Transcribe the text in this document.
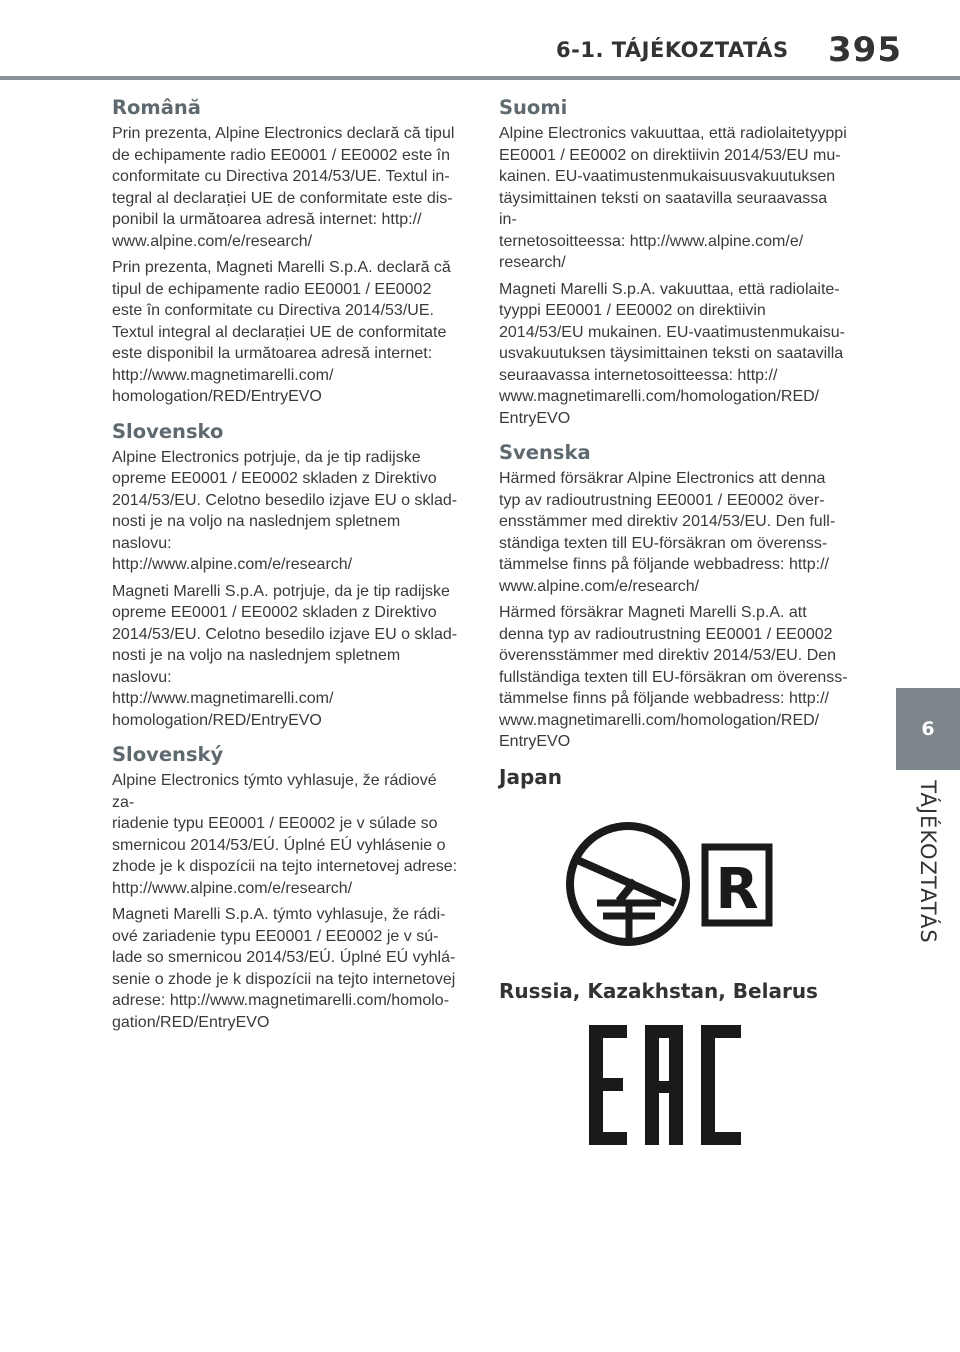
6-1. TÁJÉKOZTATÁS 395
Română

Prin prezenta, Alpine Electronics declară că tipul
de echipamente radio EE0001 / EE0002 este în
conformitate cu Directiva 2014/53/UE. Textul in-
tegral al declarației UE de conformitate este dis-
ponibil la următoarea adresă internet: http://
www.alpine.com/e/research/

Prin prezenta, Magneti Marelli S.p.A. declară că
tipul de echipamente radio EE0001 / EE0002
este în conformitate cu Directiva 2014/53/UE.
Textul integral al declarației UE de conformitate
este disponibil la următoarea adresă internet:
http://www.magnetimarelli.com/
homologation/RED/EntryEVO

Slovensko

Alpine Electronics potrjuje, da je tip radijske
opreme EE0001 / EE0002 skladen z Direktivo
2014/53/EU. Celotno besedilo izjave EU o sklad-
nosti je na voljo na naslednjem spletnem naslovu:
http://www.alpine.com/e/research/

Magneti Marelli S.p.A. potrjuje, da je tip radijske
opreme EE0001 / EE0002 skladen z Direktivo
2014/53/EU. Celotno besedilo izjave EU o sklad-
nosti je na voljo na naslednjem spletnem naslovu:
http://www.magnetimarelli.com/
homologation/RED/EntryEVO

Slovenský

Alpine Electronics týmto vyhlasuje, že rádiové za-
riadenie typu EE0001 / EE0002 je v súlade so
smernicou 2014/53/EÚ. Úplné EÚ vyhlásenie o
zhode je k dispozícii na tejto internetovej adrese:
http://www.alpine.com/e/research/

Magneti Marelli S.p.A. týmto vyhlasuje, že rádi-
ové zariadenie typu EE0001 / EE0002 je v sú-
lade so smernicou 2014/53/EÚ. Úplné EÚ vyhlá-
senie o zhode je k dispozícii na tejto internetovej
adrese: http://www.magnetimarelli.com/homolo-
gation/RED/EntryEVO

Suomi

Alpine Electronics vakuuttaa, että radiolaitetyyppi
EE0001 / EE0002 on direktiivin 2014/53/EU mu-
kainen. EU-vaatimustenmukaisuusvakuutuksen
täysimittainen teksti on saatavilla seuraavassa in-
ternetosoitteessa: http://www.alpine.com/e/
research/

Magneti Marelli S.p.A. vakuuttaa, että radiolaite-
tyyppi EE0001 / EE0002 on direktiivin
2014/53/EU mukainen. EU-vaatimustenmukaisu-
usvakuutuksen täysimittainen teksti on saatavilla
seuraavassa internetosoitteessa: http://
www.magnetimarelli.com/homologation/RED/
EntryEVO

Svenska

Härmed försäkrar Alpine Electronics att denna
typ av radioutrustning EE0001 / EE0002 över-
ensstämmer med direktiv 2014/53/EU. Den full-
ständiga texten till EU-försäkran om överenss-
tämmelse finns på följande webbadress: http://
www.alpine.com/e/research/

Härmed försäkrar Magneti Marelli S.p.A. att
denna typ av radioutrustning EE0001 / EE0002
överensstämmer med direktiv 2014/53/EU. Den
fullständiga texten till EU-försäkran om överenss-
tämmelse finns på följande webbadress: http://
www.magnetimarelli.com/homologation/RED/
EntryEVO

Japan
R
Russia, Kazakhstan, Belarus
6
TÁJÉKOZTATÁS
